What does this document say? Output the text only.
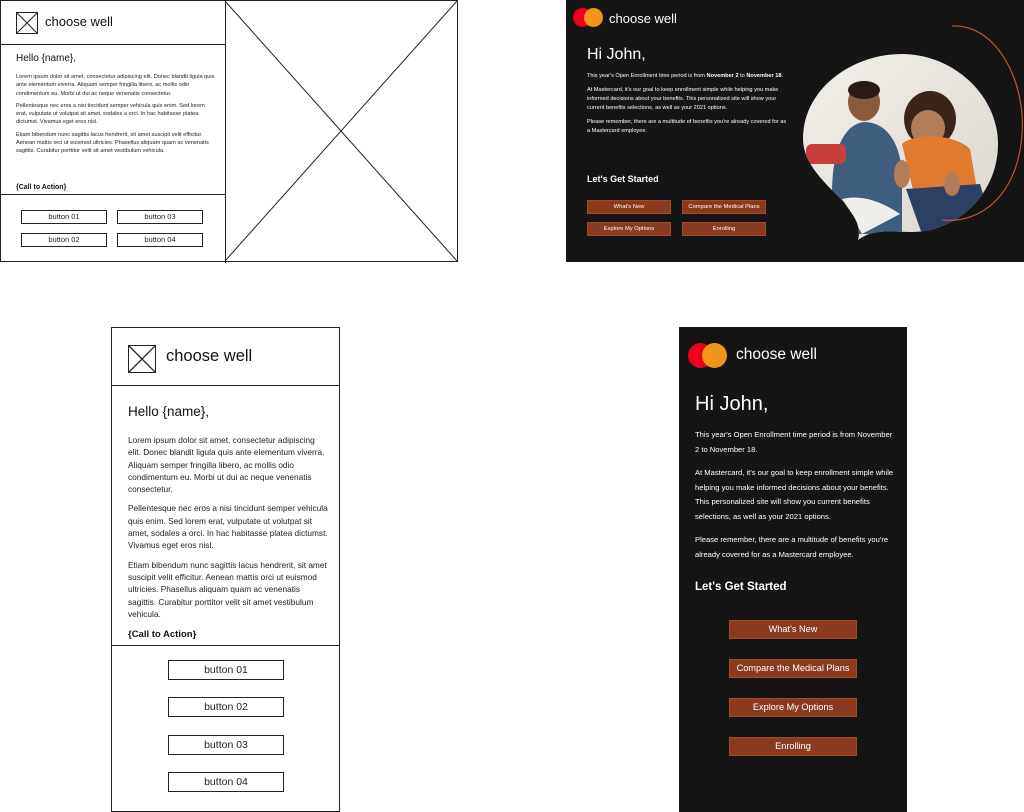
choose well
Hello {name},

Lorem ipsum dolor sit amet, consectetur adipiscing elit. Donec blandit ligula quis ante elementum viverra. Aliquam semper fringilla libero, ac mollis odio condimentum eu. Morbi ut dui ac neque venenatis consectetur.

Pellentesque nec eros a nisi tincidunt semper vehicula quis enim. Sed lorem erat, vulputate ut volutpat sit amet, sodales a orci. In hac habitasse platea dictumst. Vivamus eget eros nisl.

Etiam bibendum nunc sagittis lacus hendrerit, sit amet suscipit velit efficitur. Aenean mattis orci ut euismod ultricies. Phasellus aliquam quam ac venenatis sagittis. Curabitur porttitor velit sit amet vestibulum vehicula.

{Call to Action}
button 01	button 03
button 02	button 04
choose well
Hi John,

This year's Open Enrollment time period is from November 2 to November 18.

At Mastercard, it's our goal to keep enrollment simple while helping you make informed decisions about your benefits. This personalized site will show your current benefits selections, as well as your 2021 options.

Please remember, there are a multitude of benefits you're already covered for as a Mastercard employee.

Let's Get Started
What's New	Compare the Medical Plans
Explore My Options	Enrolling
choose well
Hello {name},

Lorem ipsum dolor sit amet, consectetur adipiscing elit. Donec blandit ligula quis ante elementum viverra. Aliquam semper fringilla libero, ac mollis odio condimentum eu. Morbi ut dui ac neque venenatis consectetur.

Pellentesque nec eros a nisi tincidunt semper vehicula quis enim. Sed lorem erat, vulputate ut volutpat sit amet, sodales a orci. In hac habitasse platea dictumst. Vivamus eget eros nisl.

Etiam bibendum nunc sagittis lacus hendrerit, sit amet suscipit velit efficitur. Aenean mattis orci ut euismod ultricies. Phasellus aliquam quam ac venenatis sagittis. Curabitur porttitor velit sit amet vestibulum vehicula.

{Call to Action}
button 01
button 02
button 03
button 04
choose well
Hi John,

This year's Open Enrollment time period is from November 2 to November 18.

At Mastercard, it's our goal to keep enrollment simple while helping you make informed decisions about your benefits. This personalized site will show you current benefits selections, as well as your 2021 options.

Please remember, there are a multitude of benefits you're already covered for as a Mastercard employee.

Let's Get Started
What's New
Compare the Medical Plans
Explore My Options
Enrolling
